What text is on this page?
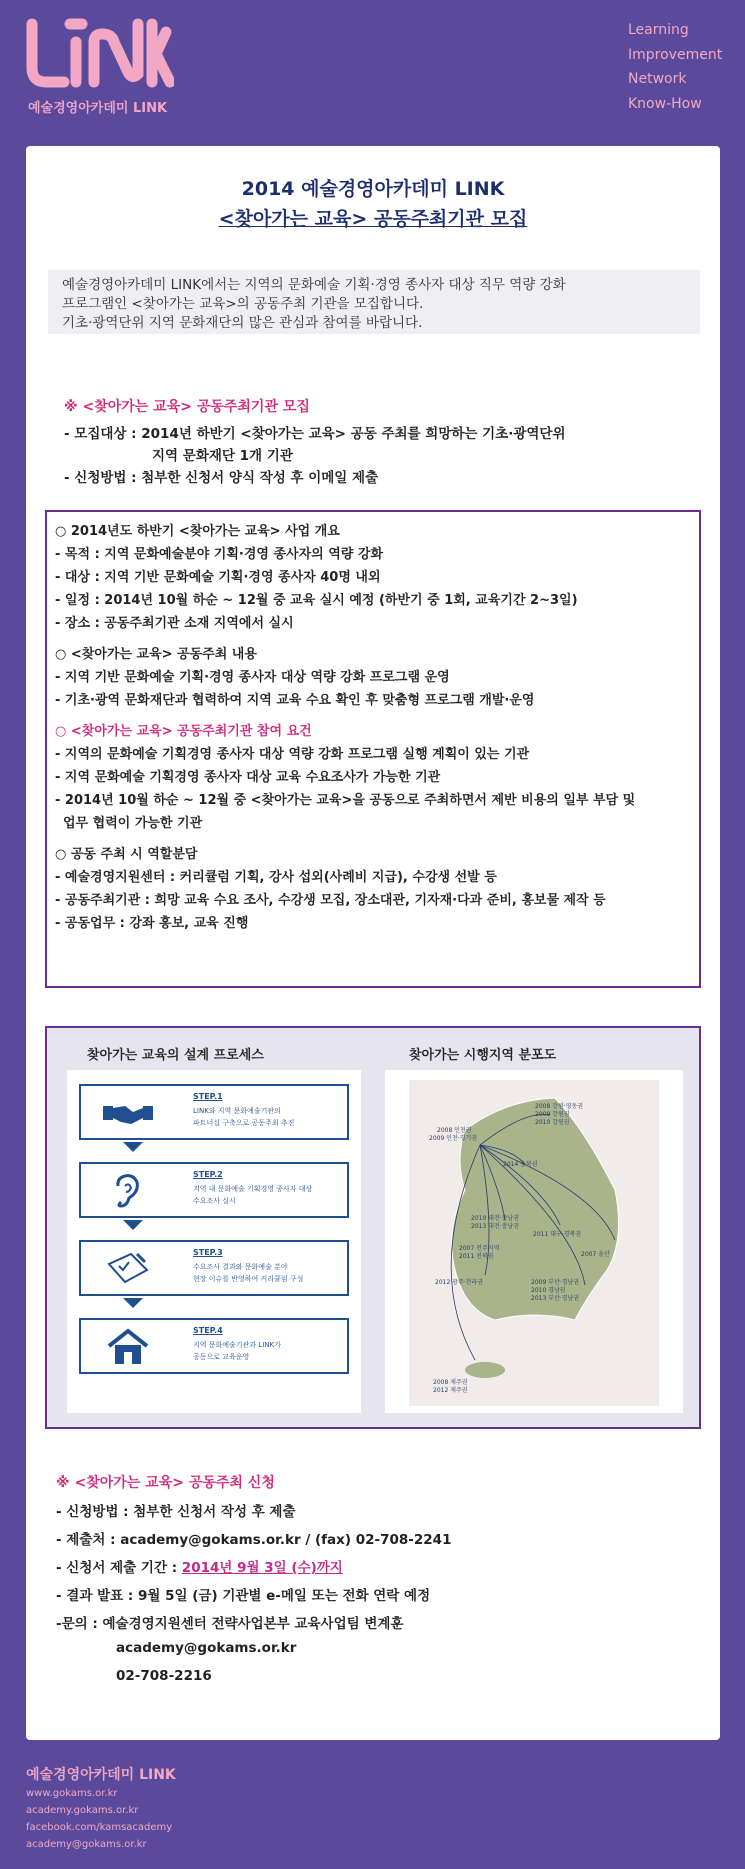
예술경영아카데미 LINK
Learning
Improvement
Network
Know-How
2014 예술경영아카데미 LINK
<찾아가는 교육> 공동주최기관 모집
예술경영아카데미 LINK에서는 지역의 문화예술 기획·경영 종사자 대상 직무 역량 강화
프로그램인 <찾아가는 교육>의 공동주최 기관을 모집합니다.
기초·광역단위 지역 문화재단의 많은 관심과 참여를 바랍니다.
※ <찾아가는 교육> 공동주최기관 모집
- 모집대상 : 2014년 하반기 <찾아가는 교육> 공동 주최를 희망하는 기초·광역단위
지역 문화재단 1개 기관
- 신청방법 : 첨부한 신청서 양식 작성 후 이메일 제출
○ 2014년도 하반기 <찾아가는 교육> 사업 개요
- 목적 : 지역 문화예술분야 기획·경영 종사자의 역량 강화
- 대상 : 지역 기반 문화예술 기획·경영 종사자 40명 내외
- 일정 : 2014년 10월 하순 ~ 12월 중 교육 실시 예정 (하반기 중 1회, 교육기간 2~3일)
- 장소 : 공동주최기관 소재 지역에서 실시
○ <찾아가는 교육> 공동주최 내용
- 지역 기반 문화예술 기획·경영 종사자 대상 역량 강화 프로그램 운영
- 기초·광역 문화재단과 협력하여 지역 교육 수요 확인 후 맞춤형 프로그램 개발·운영
○ <찾아가는 교육> 공동주최기관 참여 요건
- 지역의 문화예술 기획경영 종사자 대상 역량 강화 프로그램 실행 계획이 있는 기관
- 지역 문화예술 기획경영 종사자 대상 교육 수요조사가 가능한 기관
- 2014년 10월 하순 ~ 12월 중 <찾아가는 교육>을 공동으로 주최하면서 제반 비용의 일부 부담 및
업무 협력이 가능한 기관
○ 공동 주최 시 역할분담
- 예술경영지원센터 : 커리큘럼 기획, 강사 섭외(사례비 지급), 수강생 선발 등
- 공동주최기관 : 희망 교육 수요 조사, 수강생 모집, 장소대관, 기자재·다과 준비, 홍보물 제작 등
- 공동업무 : 강좌 홍보, 교육 진행
찾아가는 교육의 설계 프로세스	찾아가는 시행지역 분포도
STEP.1
LINK와 지역 문화예술기관의
파트너십 구축으로 공동주최 추진
STEP.2
지역 내 문화예술 기획경영 종사자 대상
수요조사 실시
STEP.3
수요조사 결과와 문화예술 분야
현장 이슈를 반영하여 커리큘럼 구성
STEP.4
지역 문화예술기관과 LINK가
공동으로 교육운영
2008 강원·영동권
2009 강원권
2010 강원권
2008 인천권
2009 인천·경기권
2014 충북권
2010 대전·충남권
2013 대전·충남권
2011 대구·경북권
2007 전주지역
2011 전북권	2007 울산
2012 광주·전라권	2009 부산·경남권
2010 경남권
2013 부산·경남권
2008 제주권
2012 제주권
※ <찾아가는 교육> 공동주최 신청
- 신청방법 : 첨부한 신청서 작성 후 제출
- 제출처 : academy@gokams.or.kr / (fax) 02-708-2241
- 신청서 제출 기간 : 2014년 9월 3일 (수)까지
- 결과 발표 : 9월 5일 (금) 기관별 e-메일 또는 전화 연락 예정
-문의 : 예술경영지원센터 전략사업본부 교육사업팀 변계훈
academy@gokams.or.kr
02-708-2216
예술경영아카데미 LINK
www.gokams.or.kr
academy.gokams.or.kr
facebook.com/kamsacademy
academy@gokams.or.kr
